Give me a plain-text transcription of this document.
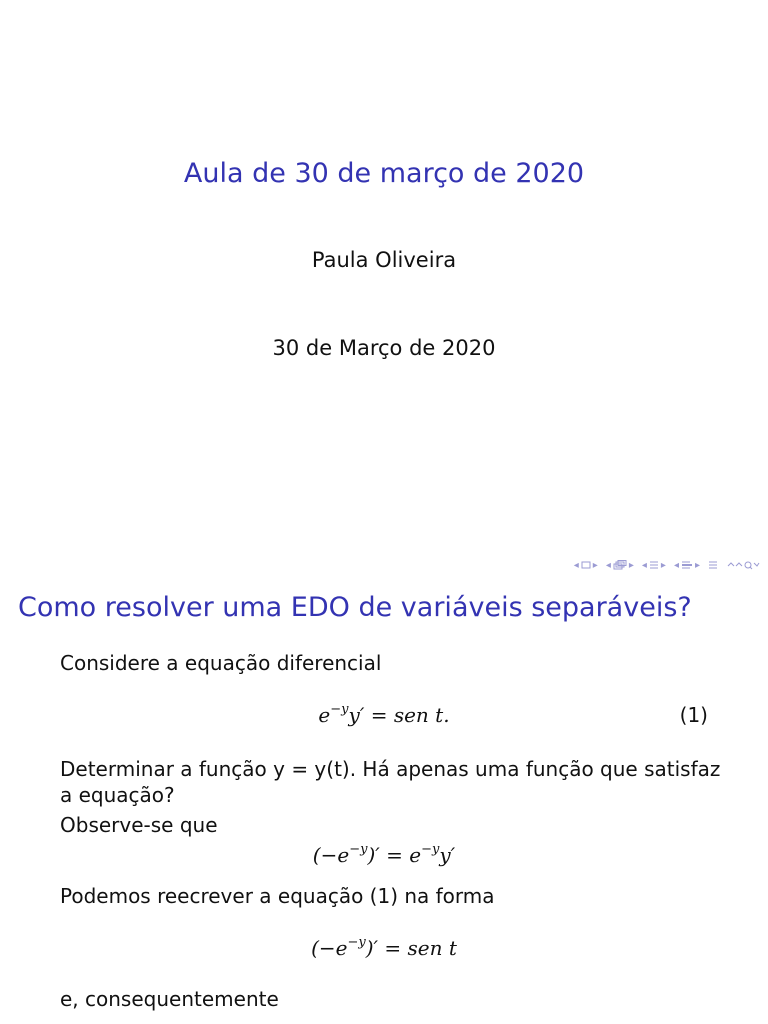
Aula de 30 de março de 2020
Paula Oliveira
30 de Março de 2020
◂ ▸ ◂ ▸ ◂ ▸ ◂ ▸
Como resolver uma EDO de variáveis separáveis?
Considere a equação diferencial
$e^{-y}y'$ = sen t.	(1)
Determinar a função y = y(t). Há apenas uma função que satisfaz
a equação?
Observe-se que
$(-e^{-y})' = e^{-y}y'$
Podemos reecrever a equação (1) na forma
$(-e^{-y})'$ = sen t
e, consequentemente
